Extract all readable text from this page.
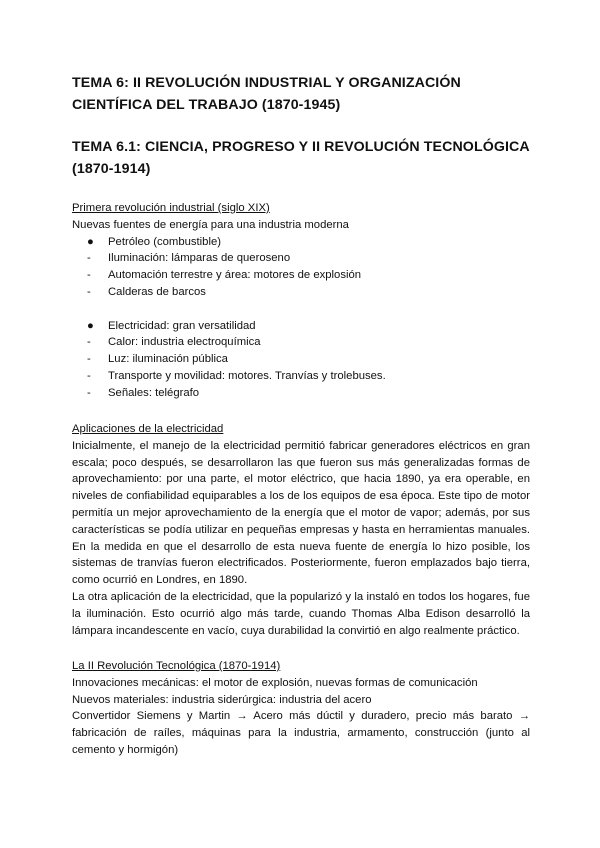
TEMA 6: II REVOLUCIÓN INDUSTRIAL Y ORGANIZACIÓN CIENTÍFICA DEL TRABAJO (1870-1945)
TEMA 6.1: CIENCIA, PROGRESO Y II REVOLUCIÓN TECNOLÓGICA (1870-1914)
Primera revolución industrial (siglo XIX)
Nuevas fuentes de energía para una industria moderna
● Petróleo (combustible)
- Iluminación: lámparas de queroseno
- Automación terrestre y área: motores de explosión
- Calderas de barcos
● Electricidad: gran versatilidad
- Calor: industria electroquímica
- Luz: iluminación pública
- Transporte y movilidad: motores. Tranvías y trolebuses.
- Señales: telégrafo
Aplicaciones de la electricidad
Inicialmente, el manejo de la electricidad permitió fabricar generadores eléctricos en gran escala; poco después, se desarrollaron las que fueron sus más generalizadas formas de aprovechamiento: por una parte, el motor eléctrico, que hacia 1890, ya era operable, en niveles de confiabilidad equiparables a los de los equipos de esa época. Este tipo de motor permitía un mejor aprovechamiento de la energía que el motor de vapor; además, por sus características se podía utilizar en pequeñas empresas y hasta en herramientas manuales. En la medida en que el desarrollo de esta nueva fuente de energía lo hizo posible, los sistemas de tranvías fueron electrificados. Posteriormente, fueron emplazados bajo tierra, como ocurrió en Londres, en 1890.
La otra aplicación de la electricidad, que la popularizó y la instaló en todos los hogares, fue la iluminación. Esto ocurrió algo más tarde, cuando Thomas Alba Edison desarrolló la lámpara incandescente en vacío, cuya durabilidad la convirtió en algo realmente práctico.
La II Revolución Tecnológica (1870-1914)
Innovaciones mecánicas: el motor de explosión, nuevas formas de comunicación
Nuevos materiales: industria siderúrgica: industria del acero
Convertidor Siemens y Martin → Acero más dúctil y duradero, precio más barato → fabricación de raíles, máquinas para la industria, armamento, construcción (junto al cemento y hormigón)
